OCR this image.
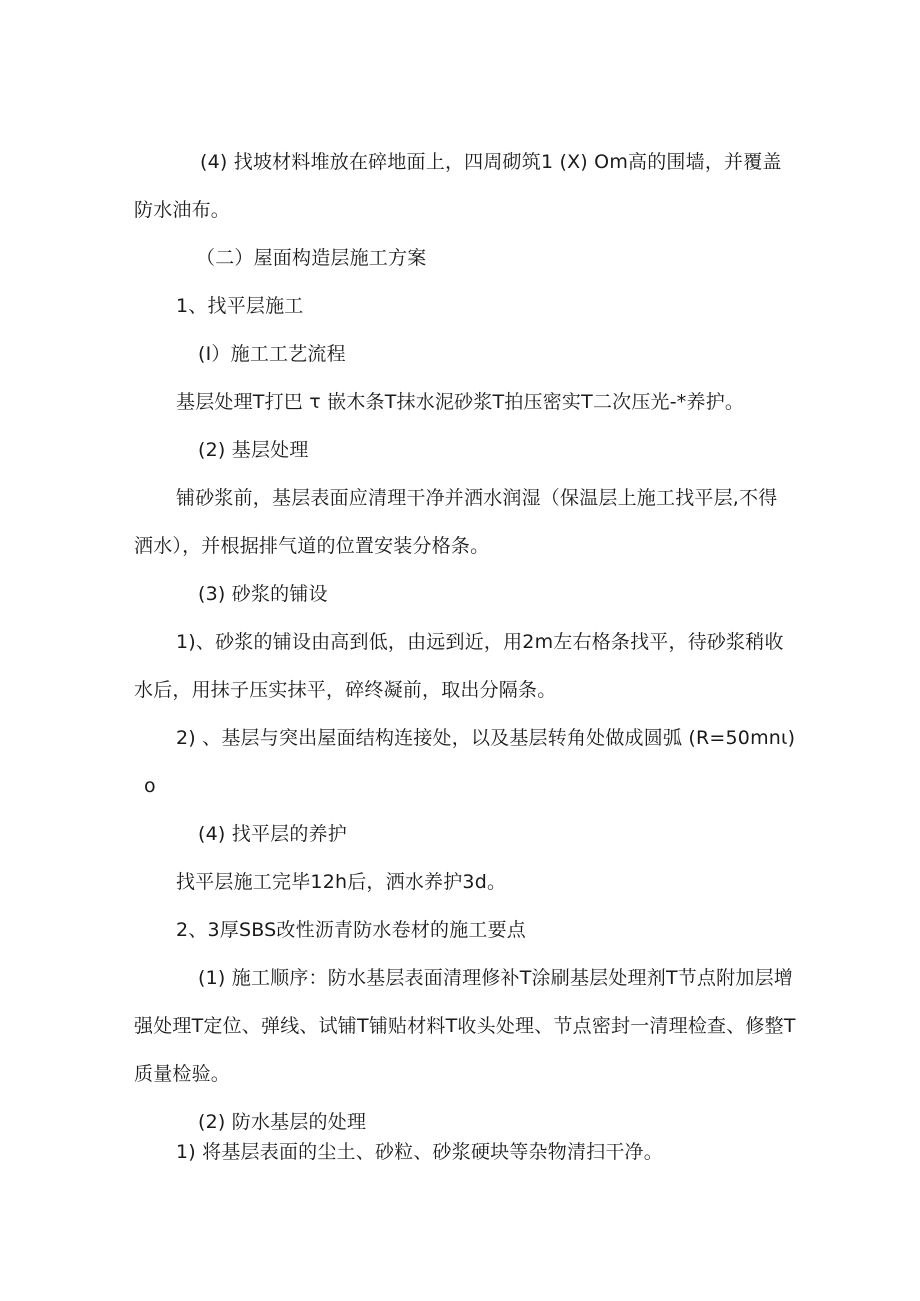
(4) 找坡材料堆放在碎地面上，四周砌筑1 (X) Om高的围墙，并覆盖
防水油布。
（二）屋面构造层施工方案
1、找平层施工
(I）施工工艺流程
基层处理T打巴 τ 嵌木条T抹水泥砂浆T拍压密实T二次压光-*养护。
(2) 基层处理
铺砂浆前，基层表面应清理干净并洒水润湿（保温层上施工找平层,不得
洒水），并根据排气道的位置安装分格条。
(3) 砂浆的铺设
1)、砂浆的铺设由高到低，由远到近，用2m左右格条找平，待砂浆稍收
水后，用抹子压实抹平，碎终凝前，取出分隔条。
2) 、基层与突出屋面结构连接处，以及基层转角处做成圆弧 (R=50mnι)
o
(4) 找平层的养护
找平层施工完毕12h后，洒水养护3d。
2、3厚SBS改性沥青防水卷材的施工要点
(1) 施工顺序：防水基层表面清理修补T涂刷基层处理剂T节点附加层增
强处理T定位、弹线、试铺T铺贴材料T收头处理、节点密封一清理检查、修整T
质量检验。
(2) 防水基层的处理
1) 将基层表面的尘土、砂粒、砂浆硬块等杂物清扫干净。
